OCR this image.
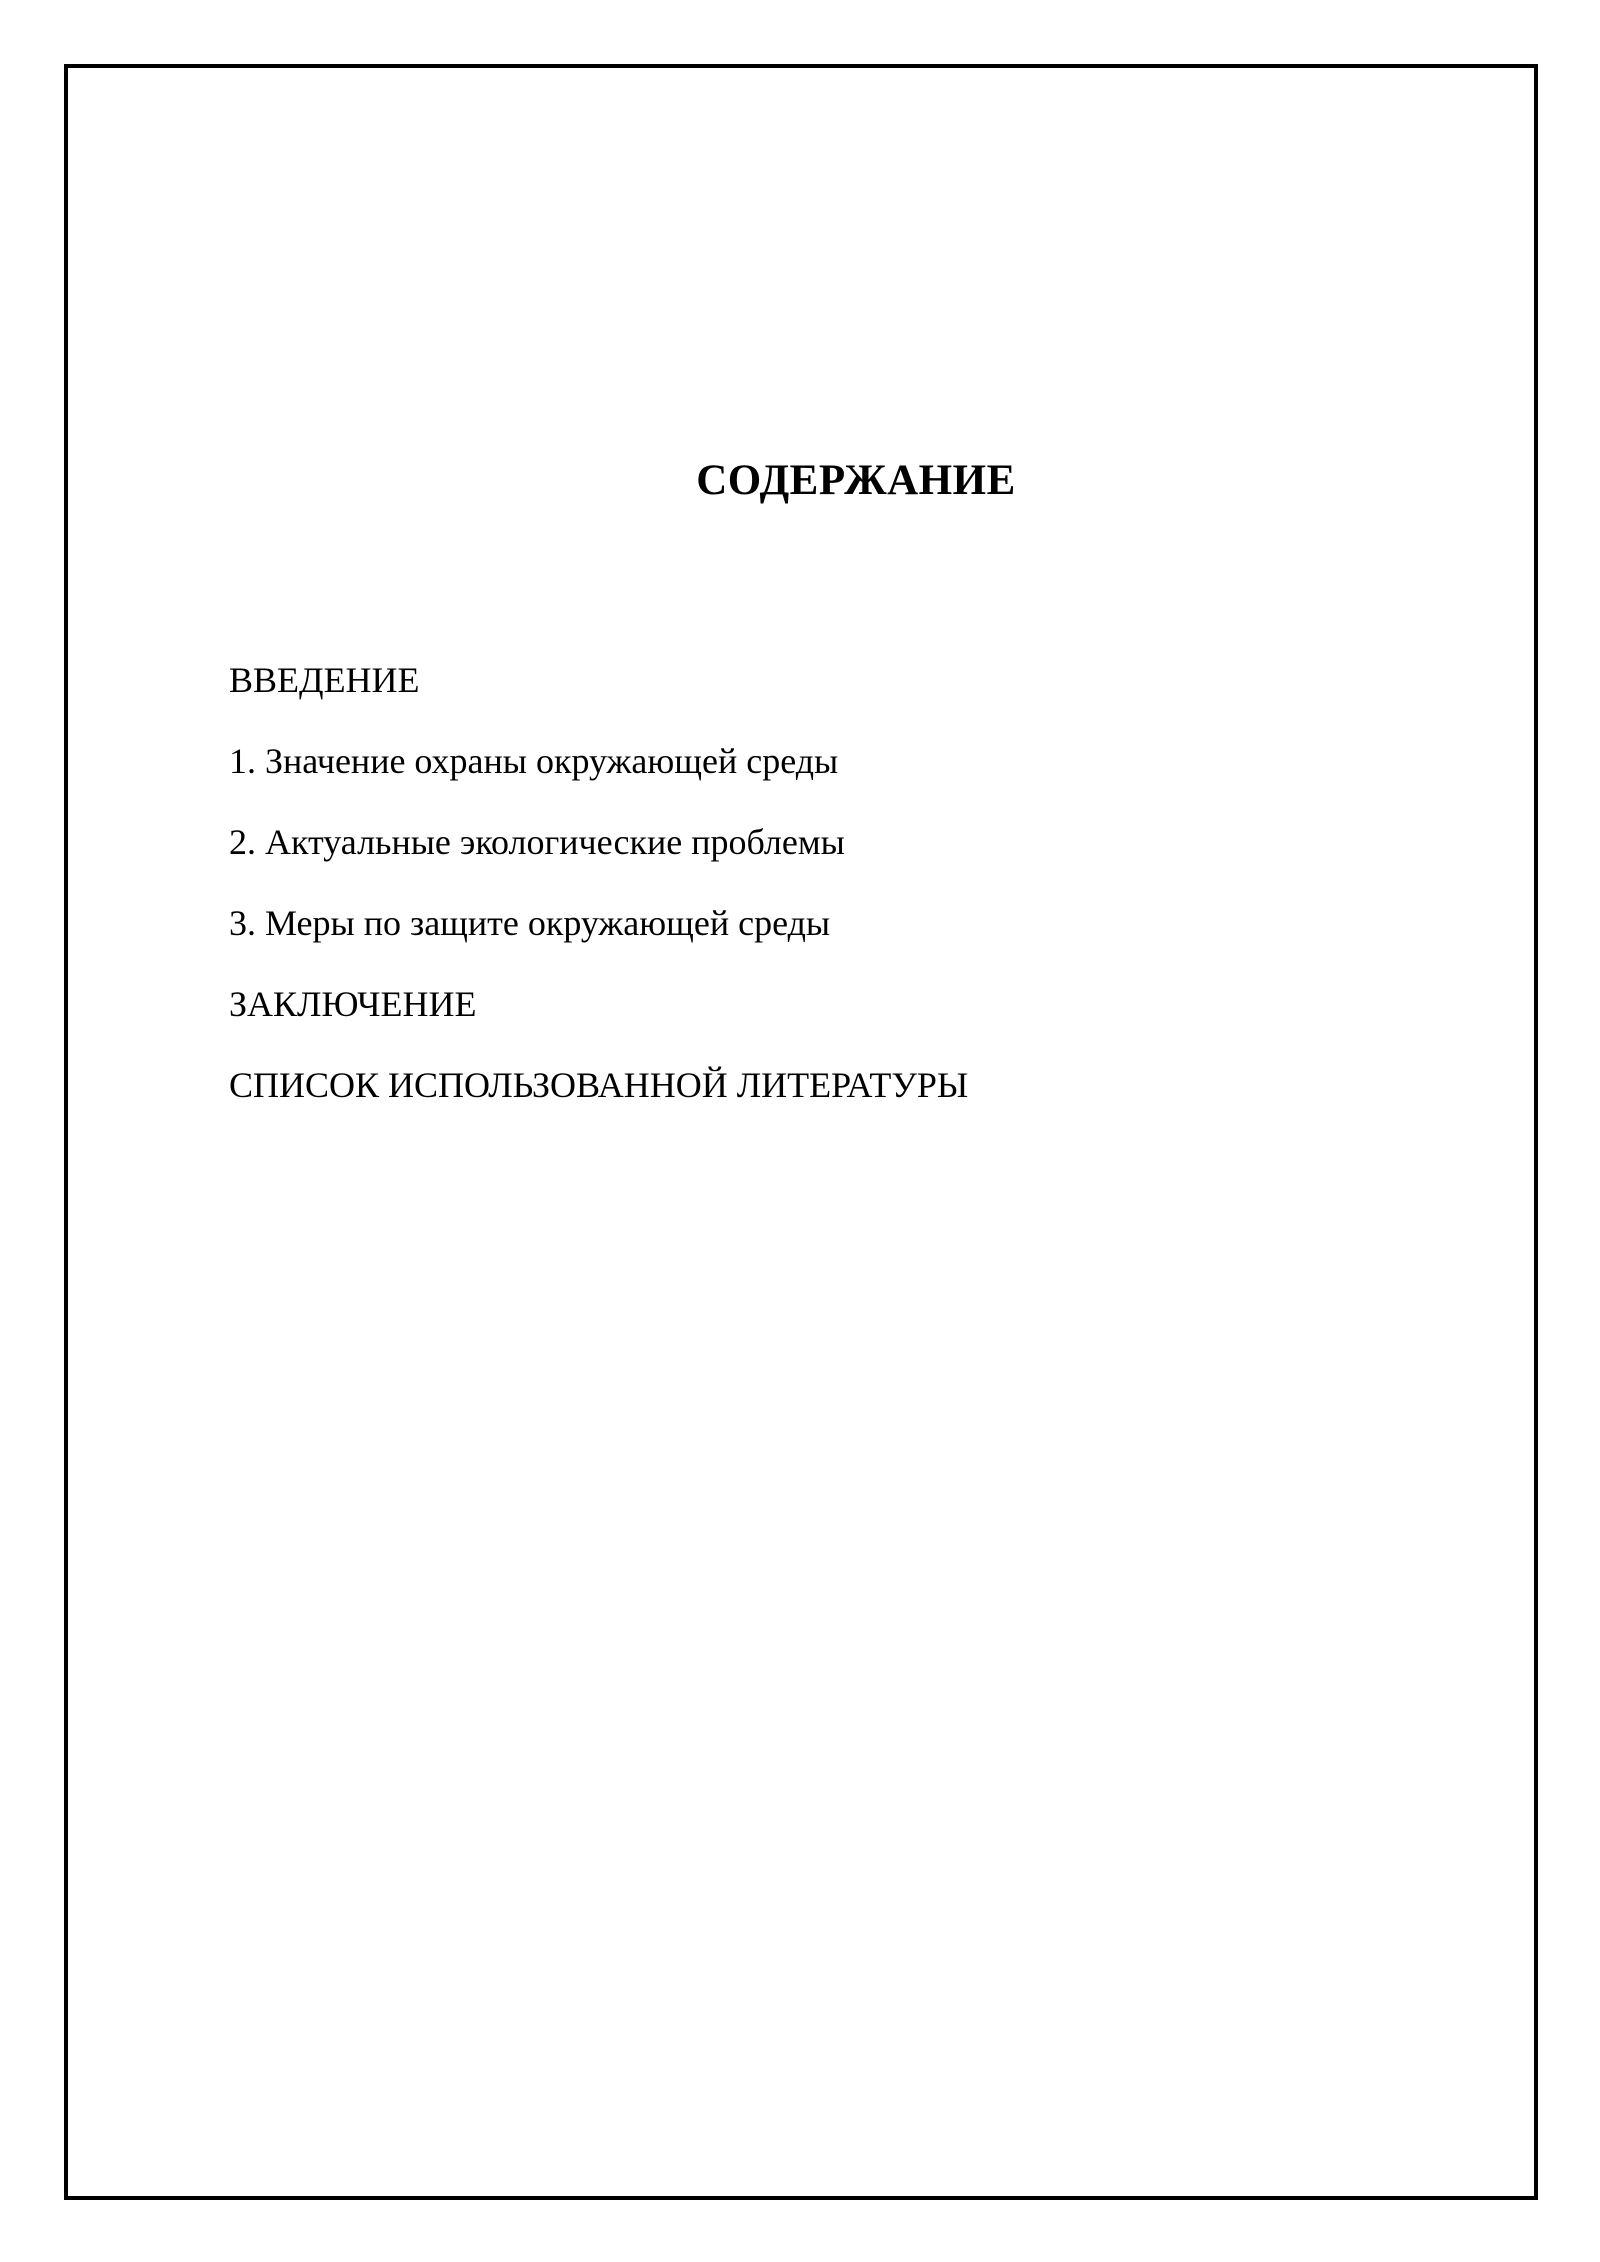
СОДЕРЖАНИЕ
ВВЕДЕНИЕ
1. Значение охраны окружающей среды
2. Актуальные экологические проблемы
3. Меры по защите окружающей среды
ЗАКЛЮЧЕНИЕ
СПИСОК ИСПОЛЬЗОВАННОЙ ЛИТЕРАТУРЫ
